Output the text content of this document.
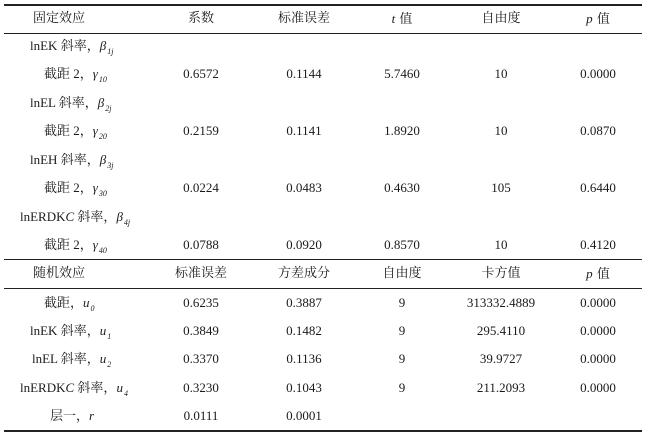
固定效应	系数	标准误差	t 值	自由度	p 值
lnEK 斜率，$\beta_{1j}$
截距 2，$\gamma_{10}$	0.6572	0.1144	5.7460	10	0.0000
lnEL 斜率，$\beta_{2j}$
截距 2，$\gamma_{20}$	0.2159	0.1141	1.8920	10	0.0870
lnEH 斜率，$\beta_{3j}$
截距 2，$\gamma_{30}$	0.0224	0.0483	0.4630	105	0.6440
lnERDKC 斜率，$\beta_{4j}$
截距 2，$\gamma_{40}$	0.0788	0.0920	0.8570	10	0.4120
随机效应	标准误差	方差成分	自由度	卡方值	p 值
截距，$u_0$	0.6235	0.3887	9	313332.4889	0.0000
lnEK 斜率，$u_1$	0.3849	0.1482	9	295.4110	0.0000
lnEL 斜率，$u_2$	0.3370	0.1136	9	39.9727	0.0000
lnERDKC 斜率，$u_4$	0.3230	0.1043	9	211.2093	0.0000
层一，r	0.0111	0.0001
